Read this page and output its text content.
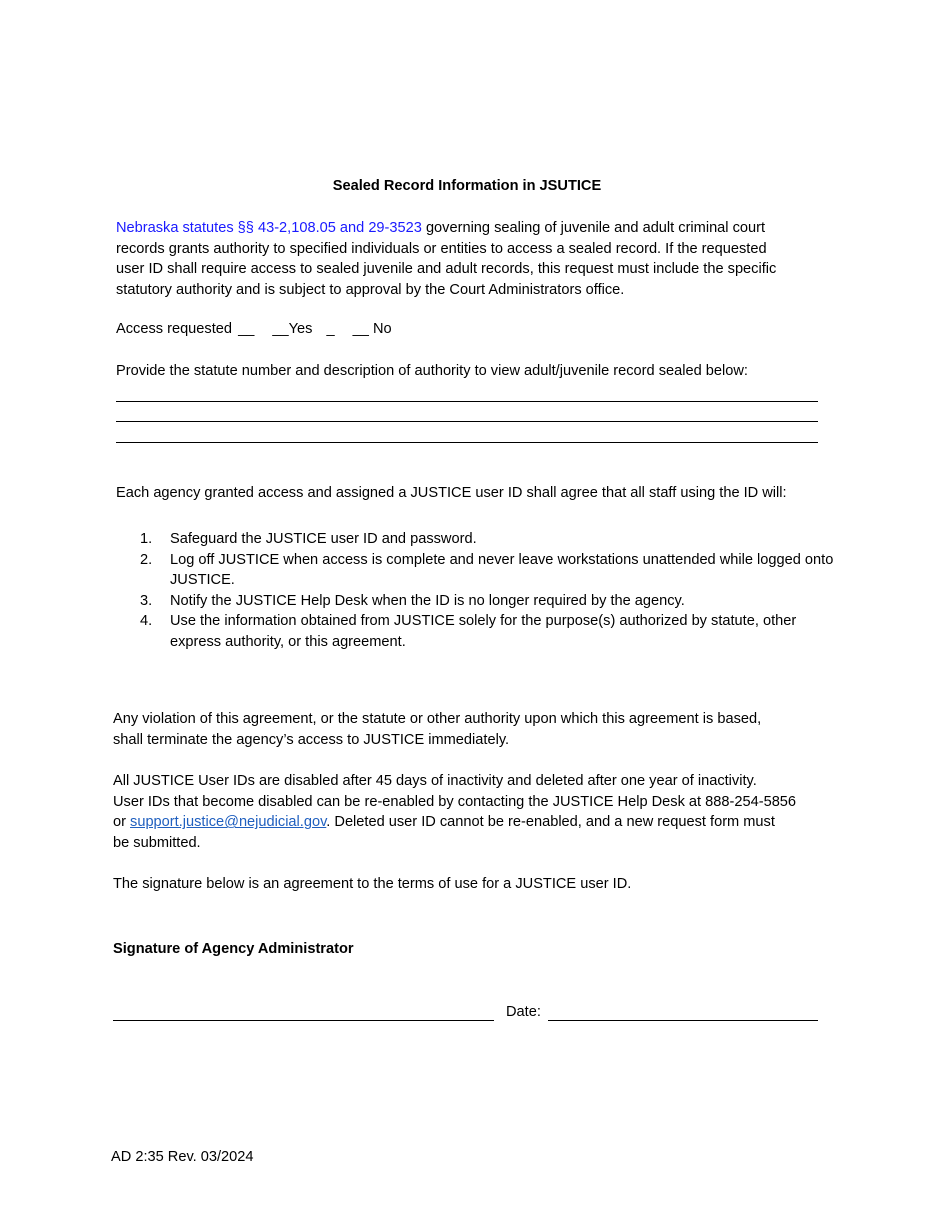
Sealed Record Information in JSUTICE
Nebraska statutes §§ 43-2,108.05 and 29-3523 governing sealing of juvenile and adult criminal court
records grants authority to specified individuals or entities to access a sealed record. If the requested
user ID shall require access to sealed juvenile and adult records, this request must include the specific
statutory authority and is subject to approval by the Court Administrators office.
Access requested __ __Yes _ __ No
Provide the statute number and description of authority to view adult/juvenile record sealed below:
Each agency granted access and assigned a JUSTICE user ID shall agree that all staff using the ID will:
1. Safeguard the JUSTICE user ID and password.
2. Log off JUSTICE when access is complete and never leave workstations unattended while logged onto JUSTICE.
3. Notify the JUSTICE Help Desk when the ID is no longer required by the agency.
4. Use the information obtained from JUSTICE solely for the purpose(s) authorized by statute, other express authority, or this agreement.
Any violation of this agreement, or the statute or other authority upon which this agreement is based,
shall terminate the agency’s access to JUSTICE immediately.
All JUSTICE User IDs are disabled after 45 days of inactivity and deleted after one year of inactivity.
User IDs that become disabled can be re-enabled by contacting the JUSTICE Help Desk at 888-254-5856
or support.justice@nejudicial.gov. Deleted user ID cannot be re-enabled, and a new request form must
be submitted.
The signature below is an agreement to the terms of use for a JUSTICE user ID.
Signature of Agency Administrator
Date:
AD 2:35 Rev. 03/2024
